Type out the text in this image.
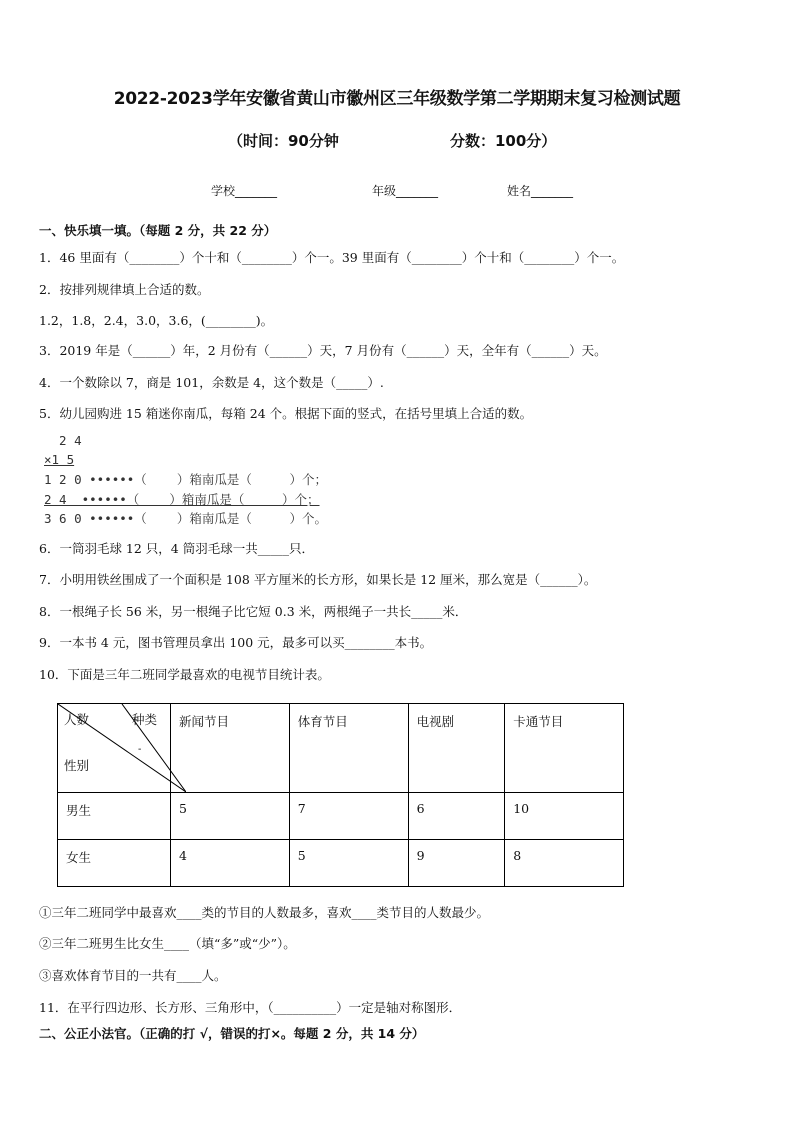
2022-2023学年安徽省黄山市徽州区三年级数学第二学期期末复习检测试题
（时间：90分钟	分数：100分）
学校_______	年级_______	姓名_______
一、快乐填一填。（每题 2 分，共 22 分）
1．46 里面有（________）个十和（________）个一。39 里面有（________）个十和（________）个一。
2．按排列规律填上合适的数。
1.2，1.8，2.4，3.0，3.6，(________)。
3．2019 年是（______）年，2 月份有（______）天，7 月份有（______）天，全年有（______）天。
4．一个数除以 7，商是 101，余数是 4，这个数是（_____）.
5．幼儿园购进 15 箱迷你南瓜，每箱 24 个。根据下面的竖式，在括号里填上合适的数。
2 4
×1 5
1 2 0 ••••••（    ）箱南瓜是（     ）个；
2 4  ••••••（    ）箱南瓜是（     ）个；
3 6 0 ••••••（    ）箱南瓜是（     ）个。
6．一筒羽毛球 12 只，4 筒羽毛球一共_____只．
7．小明用铁丝围成了一个面积是 108 平方厘米的长方形，如果长是 12 厘米，那么宽是（______）。
8．一根绳子长 56 米，另一根绳子比它短 0.3 米，两根绳子一共长_____米．
9．一本书 4 元，图书管理员拿出 100 元，最多可以买________本书。
10．下面是三年二班同学最喜欢的电视节目统计表。
人数 种类
-
性别	新闻节目	体育节目	电视剧	卡通节目
男生	5	7	6	10
女生	4	5	9	8
①三年二班同学中最喜欢____类的节目的人数最多，喜欢____类节目的人数最少。
②三年二班男生比女生____（填“多”或“少”）。
③喜欢体育节目的一共有____人。
11．在平行四边形、长方形、三角形中，（__________）一定是轴对称图形．
二、公正小法官。（正确的打 √，错误的打×。每题 2 分，共 14 分）
